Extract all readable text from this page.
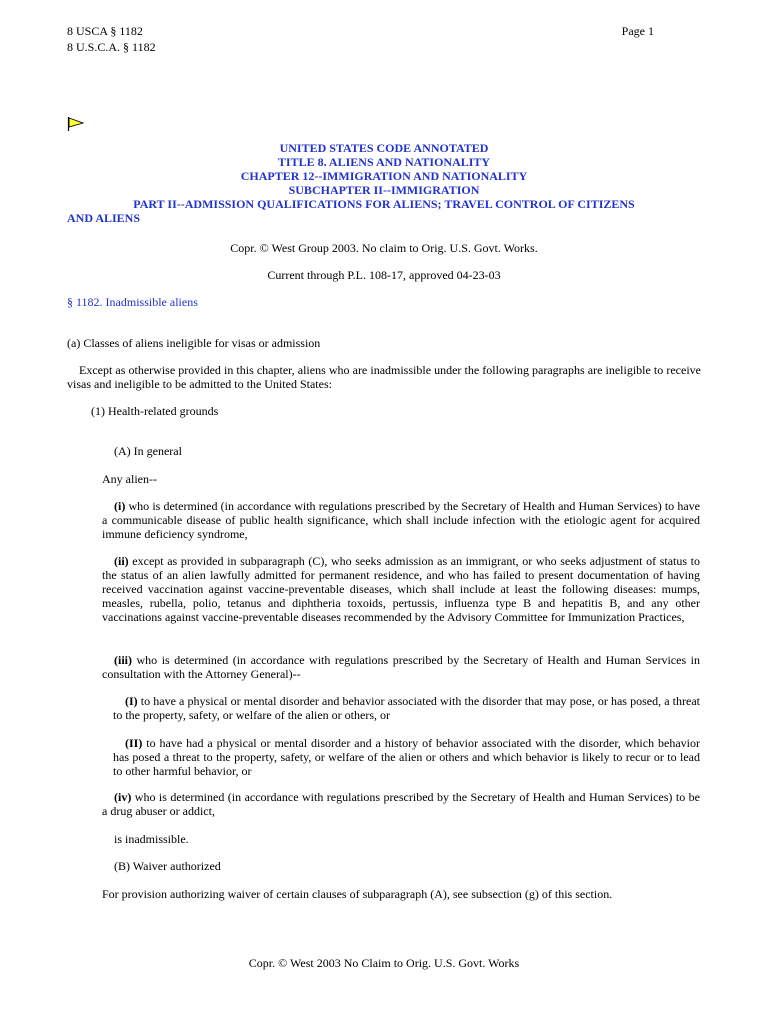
8 USCA § 1182
8 U.S.C.A. § 1182
Page 1
UNITED STATES CODE ANNOTATED
TITLE 8. ALIENS AND NATIONALITY
CHAPTER 12--IMMIGRATION AND NATIONALITY
SUBCHAPTER II--IMMIGRATION
PART II--ADMISSION QUALIFICATIONS FOR ALIENS; TRAVEL CONTROL OF CITIZENS
AND ALIENS
Copr. © West Group 2003. No claim to Orig. U.S. Govt. Works.
Current through P.L. 108-17, approved 04-23-03
§ 1182. Inadmissible aliens
(a) Classes of aliens ineligible for visas or admission
Except as otherwise provided in this chapter, aliens who are inadmissible under the following paragraphs are ineligible to receive visas and ineligible to be admitted to the United States:
(1) Health-related grounds
(A) In general
Any alien--
(i) who is determined (in accordance with regulations prescribed by the Secretary of Health and Human Services) to have a communicable disease of public health significance, which shall include infection with the etiologic agent for acquired immune deficiency syndrome,
(ii) except as provided in subparagraph (C), who seeks admission as an immigrant, or who seeks adjustment of status to the status of an alien lawfully admitted for permanent residence, and who has failed to present documentation of having received vaccination against vaccine-preventable diseases, which shall include at least the following diseases: mumps, measles, rubella, polio, tetanus and diphtheria toxoids, pertussis, influenza type B and hepatitis B, and any other vaccinations against vaccine-preventable diseases recommended by the Advisory Committee for Immunization Practices,
(iii) who is determined (in accordance with regulations prescribed by the Secretary of Health and Human Services in consultation with the Attorney General)--
(I) to have a physical or mental disorder and behavior associated with the disorder that may pose, or has posed, a threat to the property, safety, or welfare of the alien or others, or
(II) to have had a physical or mental disorder and a history of behavior associated with the disorder, which behavior has posed a threat to the property, safety, or welfare of the alien or others and which behavior is likely to recur or to lead to other harmful behavior, or
(iv) who is determined (in accordance with regulations prescribed by the Secretary of Health and Human Services) to be a drug abuser or addict,
is inadmissible.
(B) Waiver authorized
For provision authorizing waiver of certain clauses of subparagraph (A), see subsection (g) of this section.
Copr. © West 2003 No Claim to Orig. U.S. Govt. Works
